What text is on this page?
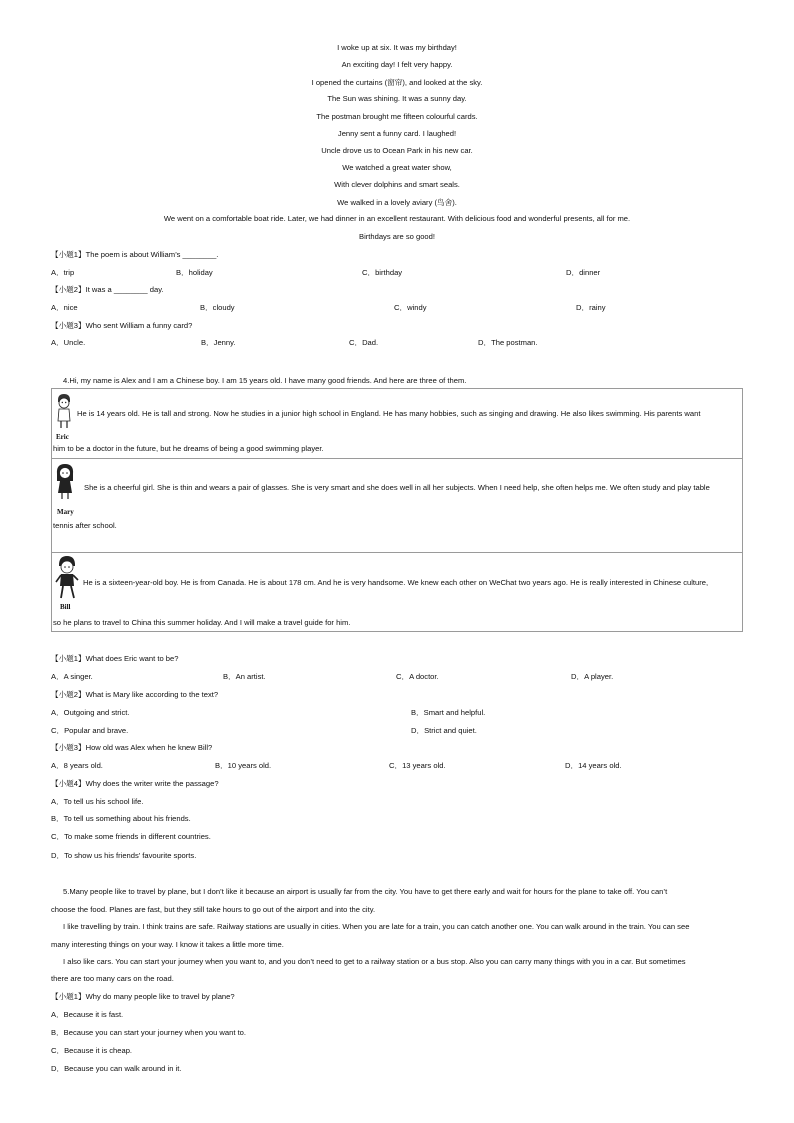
I woke up at six. It was my birthday!
An exciting day! I felt very happy.
I opened the curtains (窗帘), and looked at the sky.
The Sun was shining. It was a sunny day.
The postman brought me fifteen colourful cards.
Jenny sent a funny card. I laughed!
Uncle drove us to Ocean Park in his new car.
We watched a great water show,
With clever dolphins and smart seals.
We walked in a lovely aviary (鸟舍).
We went on a comfortable boat ride. Later, we had dinner in an excellent restaurant. With delicious food and wonderful presents, all for me.
Birthdays are so good!
【小题1】The poem is about William’s ________.
A．trip	B．holiday	C．birthday	D．dinner
【小题2】It was a ________ day.
A．nice	B．cloudy	C．windy	D．rainy
【小题3】Who sent William a funny card?
A．Uncle.	B．Jenny.	C．Dad.	D．The postman.
4.Hi, my name is Alex and I am a Chinese boy. I am 15 years old. I have many good friends. And here are three of them.
Eric
He is 14 years old. He is tall and strong. Now he studies in a junior high school in England. He has many hobbies, such as singing and drawing. He also likes swimming. His parents want
him to be a doctor in the future, but he dreams of being a good swimming player.
Mary
She is a cheerful girl. She is thin and wears a pair of glasses. She is very smart and she does well in all her subjects. When I need help, she often helps me. We often study and play table
tennis after school.
Bill
He is a sixteen-year-old boy. He is from Canada. He is about 178 cm. And he is very handsome. We knew each other on WeChat two years ago. He is really interested in Chinese culture,
so he plans to travel to China this summer holiday. And I will make a travel guide for him.
【小题1】What does Eric want to be?
A．A singer.	B．An artist.	C．A doctor.	D．A player.
【小题2】What is Mary like according to the text?
A．Outgoing and strict.	B．Smart and helpful.
C．Popular and brave.	D．Strict and quiet.
【小题3】How old was Alex when he knew Bill?
A．8 years old.	B．10 years old.	C．13 years old.	D．14 years old.
【小题4】Why does the writer write the passage?
A．To tell us his school life.
B．To tell us something about his friends.
C．To make some friends in different countries.
D．To show us his friends’ favourite sports.
5.Many people like to travel by plane, but I don’t like it because an airport is usually far from the city. You have to get there early and wait for hours for the plane to take off. You can’t
choose the food. Planes are fast, but they still take hours to go out of the airport and into the city.
I like travelling by train. I think trains are safe. Railway stations are usually in cities. When you are late for a train, you can catch another one. You can walk around in the train. You can see
many interesting things on your way. I know it takes a little more time.
I also like cars. You can start your journey when you want to, and you don’t need to get to a railway station or a bus stop. Also you can carry many things with you in a car. But sometimes
there are too many cars on the road.
【小题1】Why do many people like to travel by plane?
A．Because it is fast.
B．Because you can start your journey when you want to.
C．Because it is cheap.
D．Because you can walk around in it.
